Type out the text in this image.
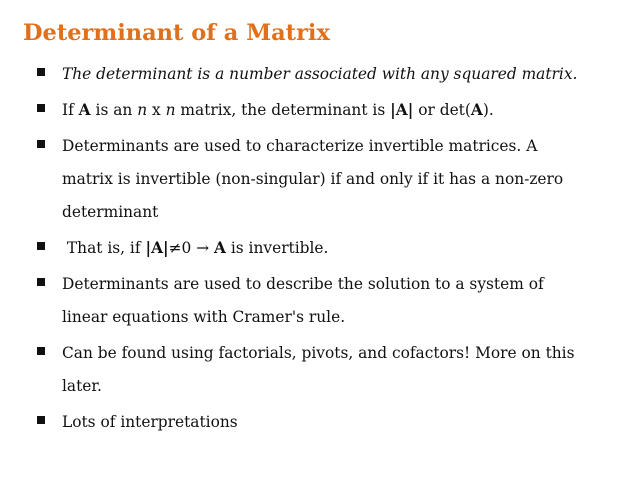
Determinant of a Matrix
The determinant is a number associated with any squared matrix.
If A is an n x n matrix, the determinant is |A| or det(A).
Determinants are used to characterize invertible matrices. A
matrix is invertible (non-singular) if and only if it has a non-zero
determinant
That is, if |A|≠0 → A is invertible.
Determinants are used to describe the solution to a system of
linear equations with Cramer's rule.
Can be found using factorials, pivots, and cofactors! More on this
later.
Lots of interpretations
